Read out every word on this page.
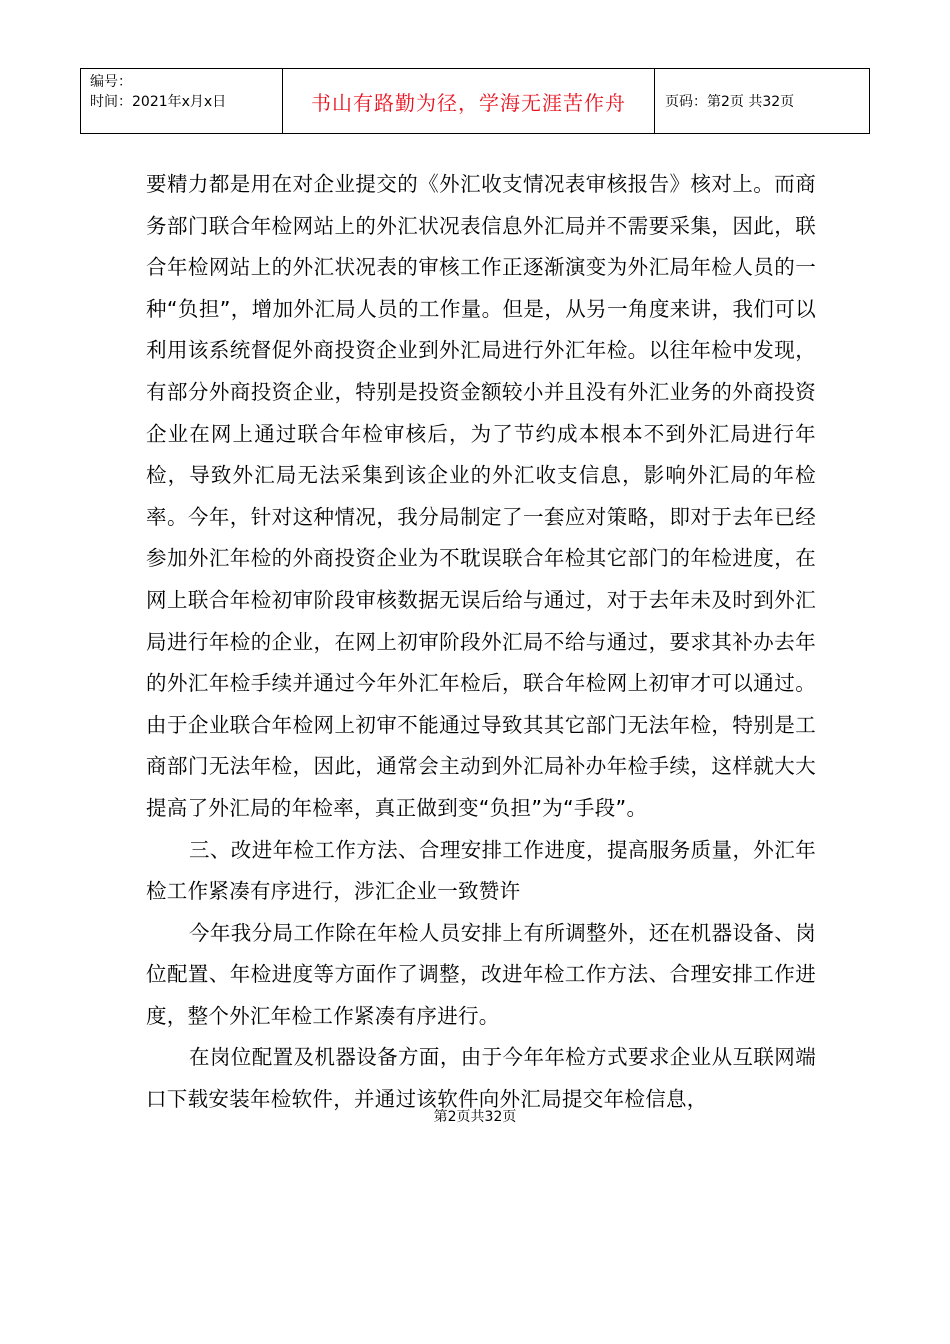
编号：
时间：2021年x月x日	书山有路勤为径，学海无涯苦作舟	页码：第2页 共32页

要精力都是用在对企业提交的《外汇收支情况表审核报告》核对上。而商务部门联合年检网站上的外汇状况表信息外汇局并不需要采集，因此，联合年检网站上的外汇状况表的审核工作正逐渐演变为外汇局年检人员的一种“负担”，增加外汇局人员的工作量。但是，从另一角度来讲，我们可以利用该系统督促外商投资企业到外汇局进行外汇年检。以往年检中发现，有部分外商投资企业，特别是投资金额较小并且没有外汇业务的外商投资企业在网上通过联合年检审核后，为了节约成本根本不到外汇局进行年检，导致外汇局无法采集到该企业的外汇收支信息，影响外汇局的年检率。今年，针对这种情况，我分局制定了一套应对策略，即对于去年已经参加外汇年检的外商投资企业为不耽误联合年检其它部门的年检进度，在网上联合年检初审阶段审核数据无误后给与通过，对于去年未及时到外汇局进行年检的企业，在网上初审阶段外汇局不给与通过，要求其补办去年的外汇年检手续并通过今年外汇年检后，联合年检网上初审才可以通过。由于企业联合年检网上初审不能通过导致其其它部门无法年检，特别是工商部门无法年检，因此，通常会主动到外汇局补办年检手续，这样就大大提高了外汇局的年检率，真正做到变“负担”为“手段”。

三、改进年检工作方法、合理安排工作进度，提高服务质量，外汇年检工作紧凑有序进行，涉汇企业一致赞许

今年我分局工作除在年检人员安排上有所调整外，还在机器设备、岗位配置、年检进度等方面作了调整，改进年检工作方法、合理安排工作进度，整个外汇年检工作紧凑有序进行。

在岗位配置及机器设备方面，由于今年年检方式要求企业从互联网端口下载安装年检软件，并通过该软件向外汇局提交年检信息，

第2页共32页
